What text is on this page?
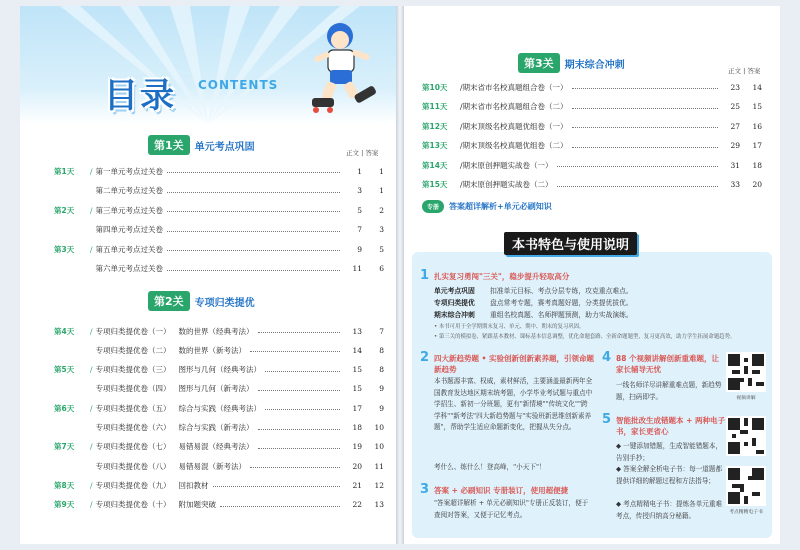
目录 CONTENTS
第1关	单元考点巩固
正文 | 答案
第1天	/ 第一单元考点过关卷	1	1
第二单元考点过关卷	3	1
第2天	/ 第三单元考点过关卷	5	2
第四单元考点过关卷	7	3
第3天	/ 第五单元考点过关卷	9	5
第六单元考点过关卷	11	6
第2关	专项归类提优
第4天	/ 专项归类提优卷（一） 数的世界（经典考法）	13	7
专项归类提优卷（二） 数的世界（新考法）	14	8
第5天	/ 专项归类提优卷（三） 图形与几何（经典考法）	15	8
专项归类提优卷（四） 图形与几何（新考法）	15	9
第6天	/ 专项归类提优卷（五） 综合与实践（经典考法）	17	9
专项归类提优卷（六） 综合与实践（新考法）	18	10
第7天	/ 专项归类提优卷（七） 易错易混（经典考法）	19	10
专项归类提优卷（八） 易错易混（新考法）	20	11
第8天	/ 专项归类提优卷（九） 回扣教材	21	12
第9天	/ 专项归类提优卷（十） 附加题突破	22	13
第3关	期末综合冲刺
正文 | 答案
第10天	/ 期末省市名校真题组合卷（一）	23	14
第11天	/ 期末省市名校真题组合卷（二）	25	15
第12天	/ 期末顶级名校真题优组卷（一）	27	16
第13天	/ 期末顶级名校真题优组卷（二）	29	17
第14天	/ 期末原创押题实战卷（一）	31	18
第15天	/ 期末原创押题实战卷（二）	33	20
专册	答案超详解析+单元必刷知识
1 扎实复习勇闯"三关"，稳步提升轻取高分
单元考点巩固	扣准单元目标、考点分层专练，攻克重点难点。
专项归类提优	盘点常考专题，赛考真题好题，分类提优拔优。
期末综合冲刺	重组名校真题、名师押题预测，助力实战演练。
• 本书可用于全学期期末复习、单元、期中、期末的复习巩固。
• 第三关的模拟卷，紧跟基本教材、课标基本信息调整，优化命题套路、全新命题题型，复习更高效，助力学生拓展命题趋势。
2 四大新趋势题 • 实验创新创新素养题，引领命题新趋势
本书题源丰富、权威，素材鲜活，主要涵盖最新两年全国教育发达地区期末统考题，小学毕业考试题与重点中学招生、新初一分班题，更有"新情境""传统文化""跨学科""新考法"四大新趋势题与"实验班新思维创新素养题"，帮助学生适应命题新变化，把握从失分点。
考什么、练什么！登高峰，"小天下"！
3 答案 + 必刷知识 专册装订，使用超便捷
"答案超详解析 + 单元必刷知识"专册正反装订，便于查阅对答案，又便于记忆考点。
4 88 个视频讲解创新重难题，让家长辅导无忧
一线名师详尽讲解重难点题，新趋势题，扫码即学。	视频讲解
5 智能批改生成错题本 + 两种电子书，家长更省心
◆ 一键添加错题，生成智能错题本，告别手抄；
◆ 答案全解全析电子书：每一道题都提供详细的解题过程和方法指导；
◆ 考点精精电子书：提炼各单元重难考点，传授归纳高分秘籍。	考点精精电子书
本书特色与使用说明
